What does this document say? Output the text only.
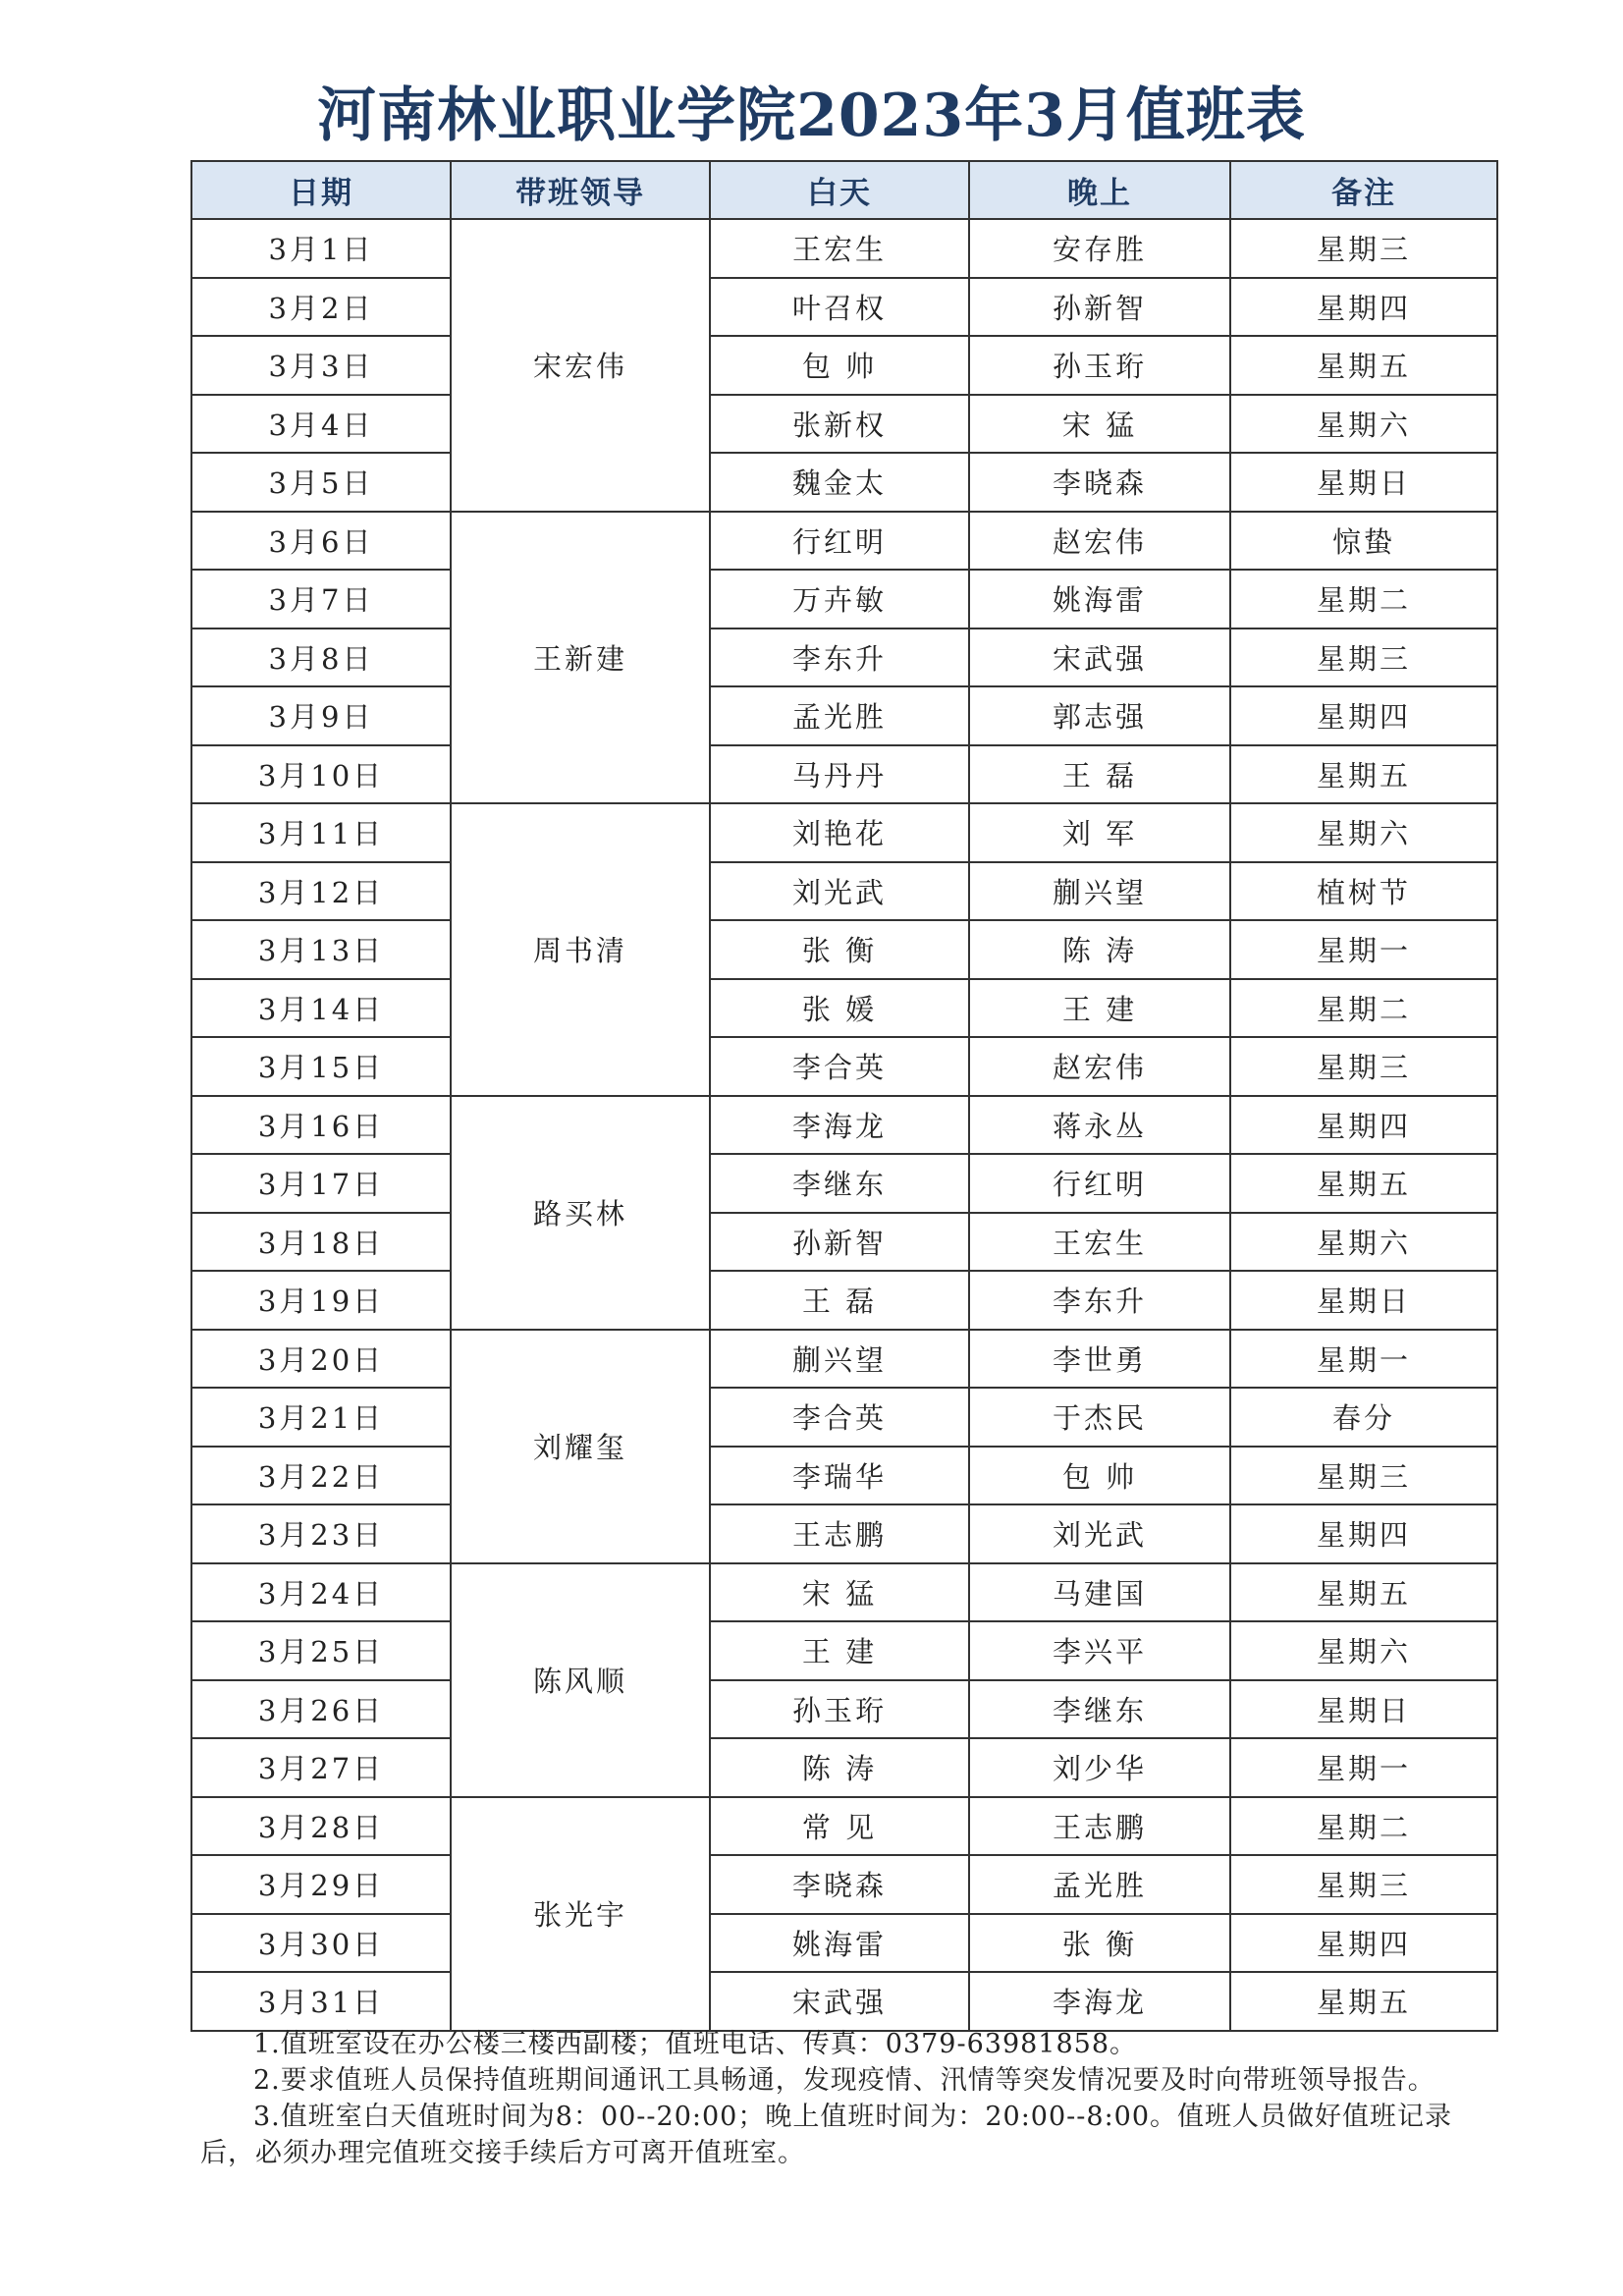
河南林业职业学院2023年3月值班表
日期	带班领导	白天	晚上	备注
3月1日	宋宏伟	王宏生	安存胜	星期三
3月2日		叶召权	孙新智	星期四
3月3日		包 帅	孙玉珩	星期五
3月4日		张新权	宋 猛	星期六
3月5日		魏金太	李晓森	星期日
3月6日	王新建	行红明	赵宏伟	惊蛰
3月7日		万卉敏	姚海雷	星期二
3月8日		李东升	宋武强	星期三
3月9日		孟光胜	郭志强	星期四
3月10日		马丹丹	王 磊	星期五
3月11日	周书清	刘艳花	刘 军	星期六
3月12日		刘光武	蒯兴望	植树节
3月13日		张 衡	陈 涛	星期一
3月14日		张 媛	王 建	星期二
3月15日		李合英	赵宏伟	星期三
3月16日	路买林	李海龙	蒋永丛	星期四
3月17日		李继东	行红明	星期五
3月18日		孙新智	王宏生	星期六
3月19日		王 磊	李东升	星期日
3月20日	刘耀玺	蒯兴望	李世勇	星期一
3月21日		李合英	于杰民	春分
3月22日		李瑞华	包 帅	星期三
3月23日		王志鹏	刘光武	星期四
3月24日	陈风顺	宋 猛	马建国	星期五
3月25日		王 建	李兴平	星期六
3月26日		孙玉珩	李继东	星期日
3月27日		陈 涛	刘少华	星期一
3月28日	张光宇	常 见	王志鹏	星期二
3月29日		李晓森	孟光胜	星期三
3月30日		姚海雷	张 衡	星期四
3月31日		宋武强	李海龙	星期五

1.值班室设在办公楼三楼西副楼；值班电话、传真：0379-63981858。

2.要求值班人员保持值班期间通讯工具畅通，发现疫情、汛情等突发情况要及时向带班领导报告。

3.值班室白天值班时间为8：00--20:00；晚上值班时间为：20:00--8:00。值班人员做好值班记录后，必须办理完值班交接手续后方可离开值班室。
